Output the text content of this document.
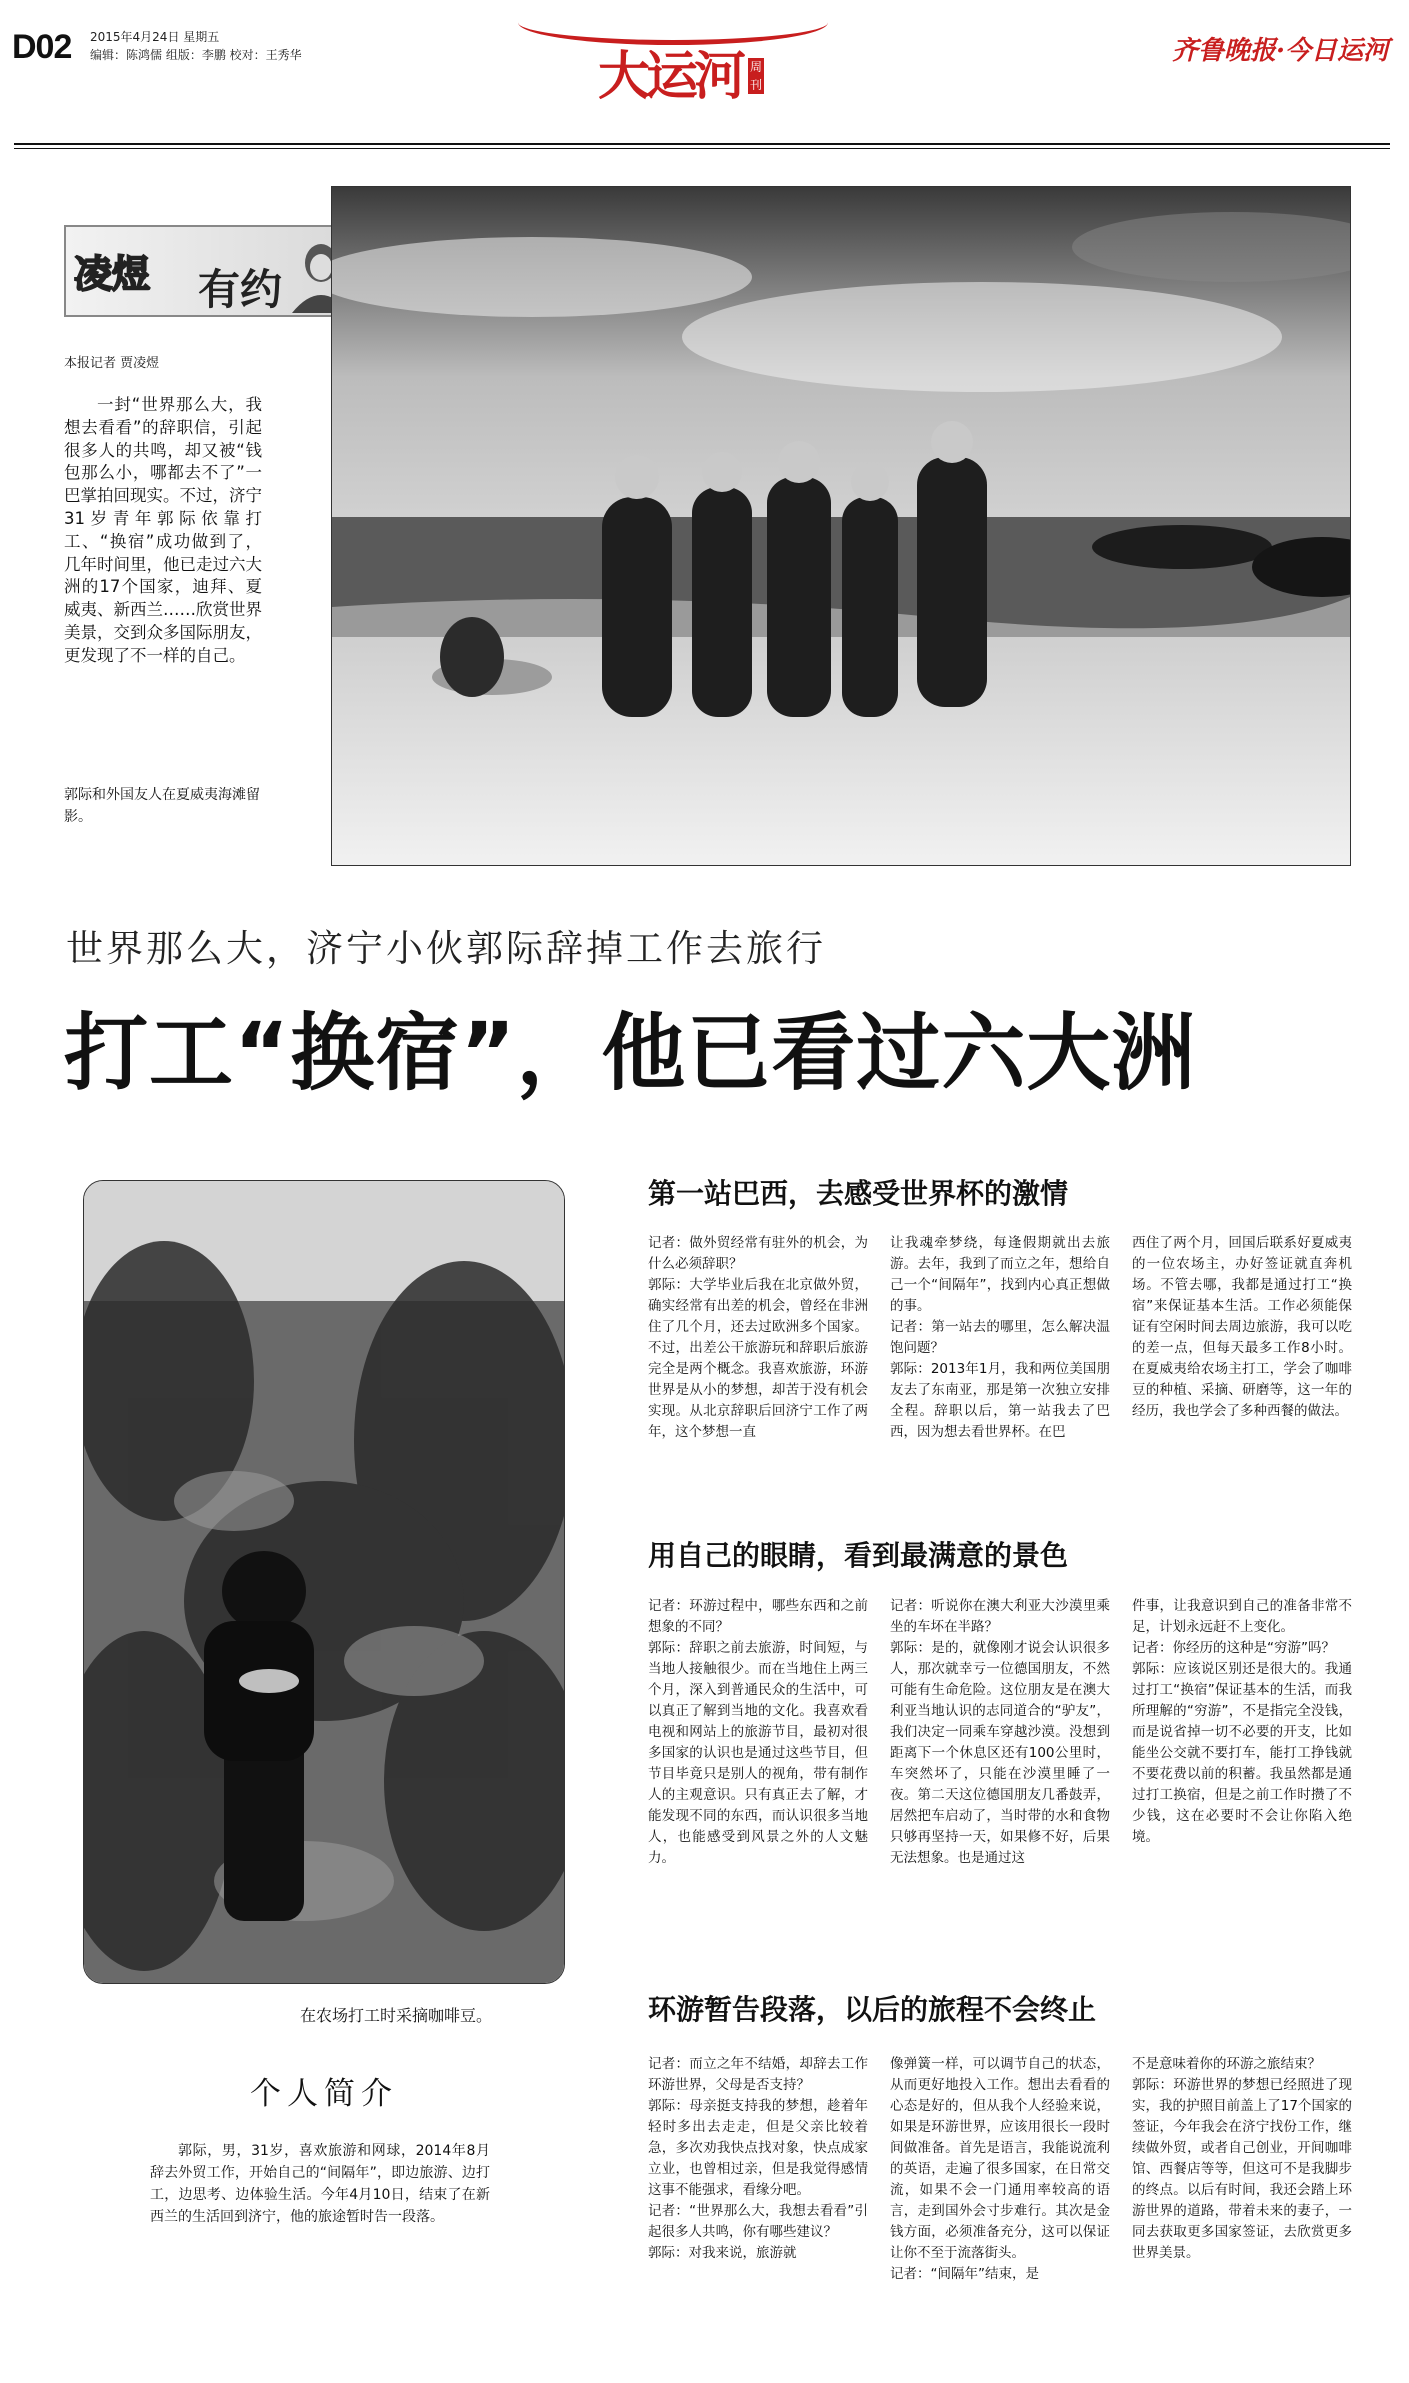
D02 2015年4月24日 星期五
编辑：陈鸿儒 组版：李鹏 校对：王秀华	大运河 周刊
齐鲁晚报·今日运河
凌煜 有约
本报记者 贾凌煜
一封“世界那么大，我想去看看”的辞职信，引起很多人的共鸣，却又被“钱包那么小，哪都去不了”一巴掌拍回现实。不过，济宁31岁青年郭际依靠打工、“换宿”成功做到了，几年时间里，他已走过六大洲的17个国家，迪拜、夏威夷、新西兰……欣赏世界美景，交到众多国际朋友，更发现了不一样的自己。
郭际和外国友人在夏威夷海滩留影。
世界那么大，济宁小伙郭际辞掉工作去旅行
打工“换宿”，他已看过六大洲
在农场打工时采摘咖啡豆。
个人简介
郭际，男，31岁，喜欢旅游和网球，2014年8月辞去外贸工作，开始自己的“间隔年”，即边旅游、边打工，边思考、边体验生活。今年4月10日，结束了在新西兰的生活回到济宁，他的旅途暂时告一段落。
第一站巴西，去感受世界杯的激情
记者：做外贸经常有驻外的机会，为什么必须辞职？
郭际：大学毕业后我在北京做外贸，确实经常有出差的机会，曾经在非洲住了几个月，还去过欧洲多个国家。不过，出差公干旅游玩和辞职后旅游完全是两个概念。我喜欢旅游，环游世界是从小的梦想，却苦于没有机会实现。从北京辞职后回济宁工作了两年，这个梦想一直
让我魂牵梦绕，每逢假期就出去旅游。去年，我到了而立之年，想给自己一个“间隔年”，找到内心真正想做的事。
记者：第一站去的哪里，怎么解决温饱问题？
郭际：2013年1月，我和两位美国朋友去了东南亚，那是第一次独立安排全程。辞职以后，第一站我去了巴西，因为想去看世界杯。在巴
西住了两个月，回国后联系好夏威夷的一位农场主，办好签证就直奔机场。不管去哪，我都是通过打工“换宿”来保证基本生活。工作必须能保证有空闲时间去周边旅游，我可以吃的差一点，但每天最多工作8小时。在夏威夷给农场主打工，学会了咖啡豆的种植、采摘、研磨等，这一年的经历，我也学会了多种西餐的做法。
用自己的眼睛，看到最满意的景色
记者：环游过程中，哪些东西和之前想象的不同？
郭际：辞职之前去旅游，时间短，与当地人接触很少。而在当地住上两三个月，深入到普通民众的生活中，可以真正了解到当地的文化。我喜欢看电视和网站上的旅游节目，最初对很多国家的认识也是通过这些节目，但节目毕竟只是别人的视角，带有制作人的主观意识。只有真正去了解，才能发现不同的东西，而认识很多当地人，也能感受到风景之外的人文魅力。
记者：听说你在澳大利亚大沙漠里乘坐的车坏在半路？
郭际：是的，就像刚才说会认识很多人，那次就幸亏一位德国朋友，不然可能有生命危险。这位朋友是在澳大利亚当地认识的志同道合的“驴友”，我们决定一同乘车穿越沙漠。没想到距离下一个休息区还有100公里时，车突然坏了，只能在沙漠里睡了一夜。第二天这位德国朋友几番鼓弄，居然把车启动了，当时带的水和食物只够再坚持一天，如果修不好，后果无法想象。也是通过这
件事，让我意识到自己的准备非常不足，计划永远赶不上变化。
记者：你经历的这种是“穷游”吗？
郭际：应该说区别还是很大的。我通过打工“换宿”保证基本的生活，而我所理解的“穷游”，不是指完全没钱，而是说省掉一切不必要的开支，比如能坐公交就不要打车，能打工挣钱就不要花费以前的积蓄。我虽然都是通过打工换宿，但是之前工作时攒了不少钱，这在必要时不会让你陷入绝境。
环游暂告段落，以后的旅程不会终止
记者：而立之年不结婚，却辞去工作环游世界，父母是否支持？
郭际：母亲挺支持我的梦想，趁着年轻时多出去走走，但是父亲比较着急，多次劝我快点找对象，快点成家立业，也曾相过亲，但是我觉得感情这事不能强求，看缘分吧。
记者：“世界那么大，我想去看看”引起很多人共鸣，你有哪些建议？
郭际：对我来说，旅游就
像弹簧一样，可以调节自己的状态，从而更好地投入工作。想出去看看的心态是好的，但从我个人经验来说，如果是环游世界，应该用很长一段时间做准备。首先是语言，我能说流利的英语，走遍了很多国家，在日常交流，如果不会一门通用率较高的语言，走到国外会寸步难行。其次是金钱方面，必须准备充分，这可以保证让你不至于流落街头。
记者：“间隔年”结束，是
不是意味着你的环游之旅结束？
郭际：环游世界的梦想已经照进了现实，我的护照目前盖上了17个国家的签证，今年我会在济宁找份工作，继续做外贸，或者自己创业，开间咖啡馆、西餐店等等，但这可不是我脚步的终点。以后有时间，我还会踏上环游世界的道路，带着未来的妻子，一同去获取更多国家签证，去欣赏更多世界美景。
